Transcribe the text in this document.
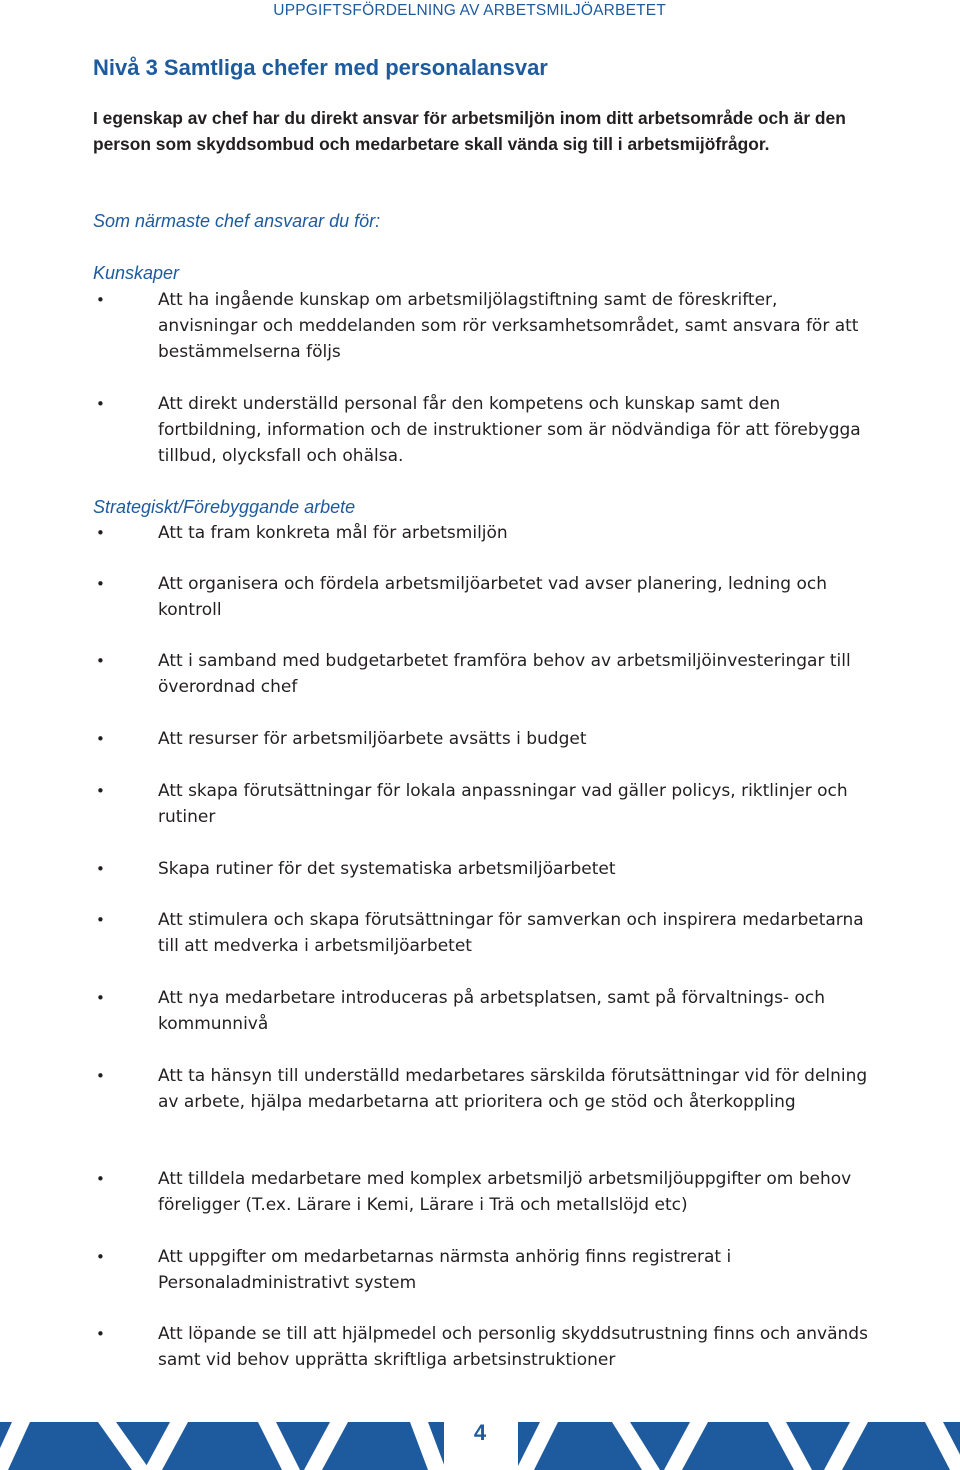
UPPGIFTSFÖRDELNING AV ARBETSMILJÖARBETET
Nivå 3 Samtliga chefer med personalansvar

I egenskap av chef har du direkt ansvar för arbetsmiljön inom ditt arbetsområde och är den person som skyddsombud och medarbetare skall vända sig till i arbetsmijöfrågor.

Som närmaste chef ansvarar du för:

Kunskaper

•	Att ha ingående kunskap om arbetsmiljölagstiftning samt de föreskrifter, anvisningar och meddelanden som rör verksamhetsområdet, samt ansvara för att bestämmelserna följs
•	Att direkt underställd personal får den kompetens och kunskap samt den fortbildning, information och de instruktioner som är nödvändiga för att förebygga tillbud, olycksfall och ohälsa.

Strategiskt/Förebyggande arbete

•	Att ta fram konkreta mål för arbetsmiljön
•	Att organisera och fördela arbetsmiljöarbetet vad avser planering, ledning och kontroll
•	Att i samband med budgetarbetet framföra behov av arbetsmiljöinvesteringar till överordnad chef
•	Att resurser för arbetsmiljöarbete avsätts i budget
•	Att skapa förutsättningar för lokala anpassningar vad gäller policys, riktlinjer och rutiner
•	Skapa rutiner för det systematiska arbetsmiljöarbetet
•	Att stimulera och skapa förutsättningar för samverkan och inspirera medarbetarna till att medverka i arbetsmiljöarbetet
•	Att nya medarbetare introduceras på arbetsplatsen, samt på förvaltnings- och kommunnivå
•	Att ta hänsyn till underställd medarbetares särskilda förutsättningar vid för delning av arbete, hjälpa medarbetarna att prioritera och ge stöd och återkoppling
•	Att tilldela medarbetare med komplex arbetsmiljö arbetsmiljöuppgifter om behov föreligger (T.ex. Lärare i Kemi, Lärare i Trä och metallslöjd etc)
•	Att uppgifter om medarbetarnas närmsta anhörig finns registrerat i Personaladministrativt system
•	Att löpande se till att hjälpmedel och personlig skyddsutrustning finns och används samt vid behov upprätta skriftliga arbetsinstruktioner
4
